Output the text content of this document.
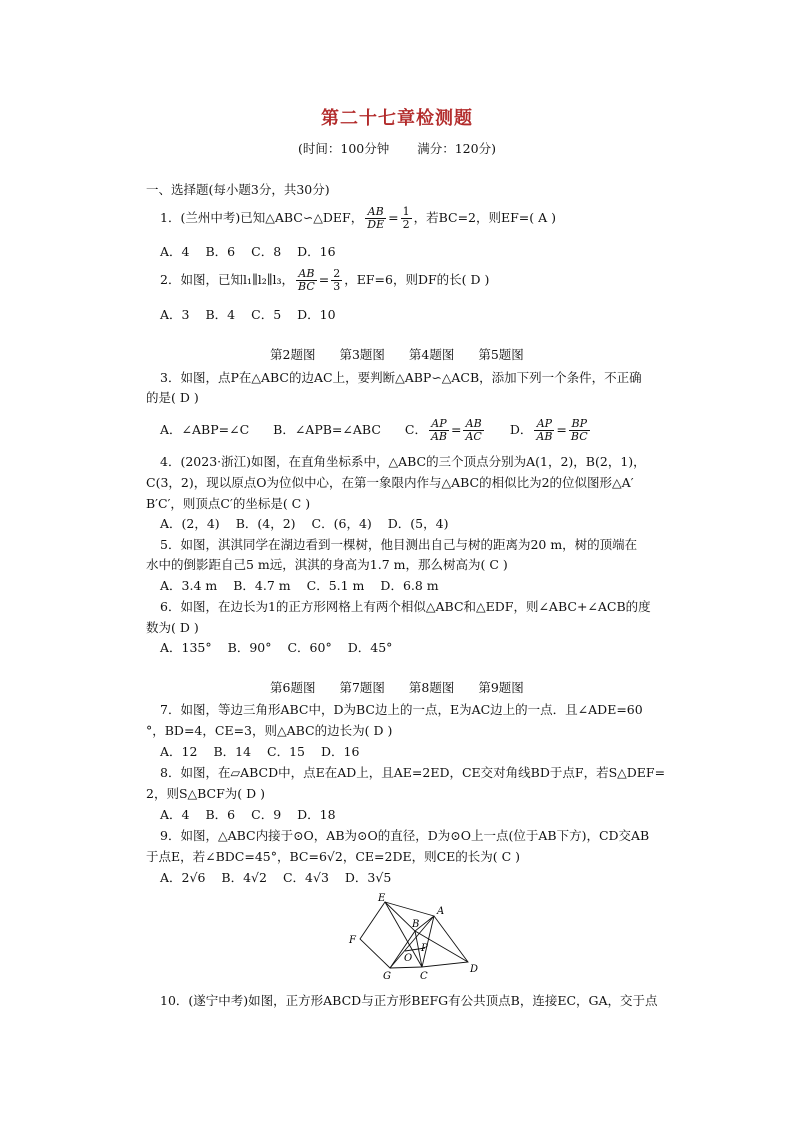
第二十七章检测题
(时间：100分钟 满分：120分)
一、选择题(每小题3分，共30分)
1．(兰州中考)已知△ABC∽△DEF， $\frac{AB}{DE} = \frac{1}{2}$ ，若BC=2，则EF=( A )
A．4 B．6 C．8 D．16
2．如图，已知l₁∥l₂∥l₃， $\frac{AB}{BC} = \frac{2}{3}$ ，EF=6，则DF的长( D )
A．3 B．4 C．5 D．10
第2题图 第3题图 第4题图 第5题图
3．如图，点P在△ABC的边AC上，要判断△ABP∽△ACB，添加下列一个条件，不正确
的是( D )
A．∠ABP=∠C B．∠APB=∠ABC C． $\frac{AP}{AB} = \frac{AB}{AC}$ D． $\frac{AP}{AB} = \frac{BP}{BC}$
4．(2023·浙江)如图，在直角坐标系中，△ABC的三个顶点分别为A(1，2)，B(2，1)，
C(3，2)，现以原点O为位似中心，在第一象限内作与△ABC的相似比为2的位似图形△A′
B′C′，则顶点C′的坐标是( C )
A．(2，4) B．(4，2) C．(6，4) D．(5，4)
5．如图，淇淇同学在湖边看到一棵树，他目测出自己与树的距离为20 m，树的顶端在
水中的倒影距自己5 m远，淇淇的身高为1.7 m，那么树高为( C )
A．3.4 m B．4.7 m C．5.1 m D．6.8 m
6．如图，在边长为1的正方形网格上有两个相似△ABC和△EDF，则∠ABC+∠ACB的度
数为( D )
A．135° B．90° C．60° D．45°
第6题图 第7题图 第8题图 第9题图
7．如图，等边三角形ABC中，D为BC边上的一点，E为AC边上的一点．且∠ADE=60
°，BD=4，CE=3，则△ABC的边长为( D )
A．12 B．14 C．15 D．16
8．如图，在▱ABCD中，点E在AD上，且AE=2ED，CE交对角线BD于点F，若S△DEF=
2，则S△BCF为( D )
A．4 B．6 C．9 D．18
9．如图，△ABC内接于⊙O，AB为⊙O的直径，D为⊙O上一点(位于AB下方)，CD交AB
于点E，若∠BDC=45°，BC=6√2，CE=2DE，则CE的长为( C )
A．2√6 B．4√2 C．4√3 D．3√5
E
B
A
F
P
O
G	C
D
10．(遂宁中考)如图，正方形ABCD与正方形BEFG有公共顶点B，连接EC，GA，交于点
